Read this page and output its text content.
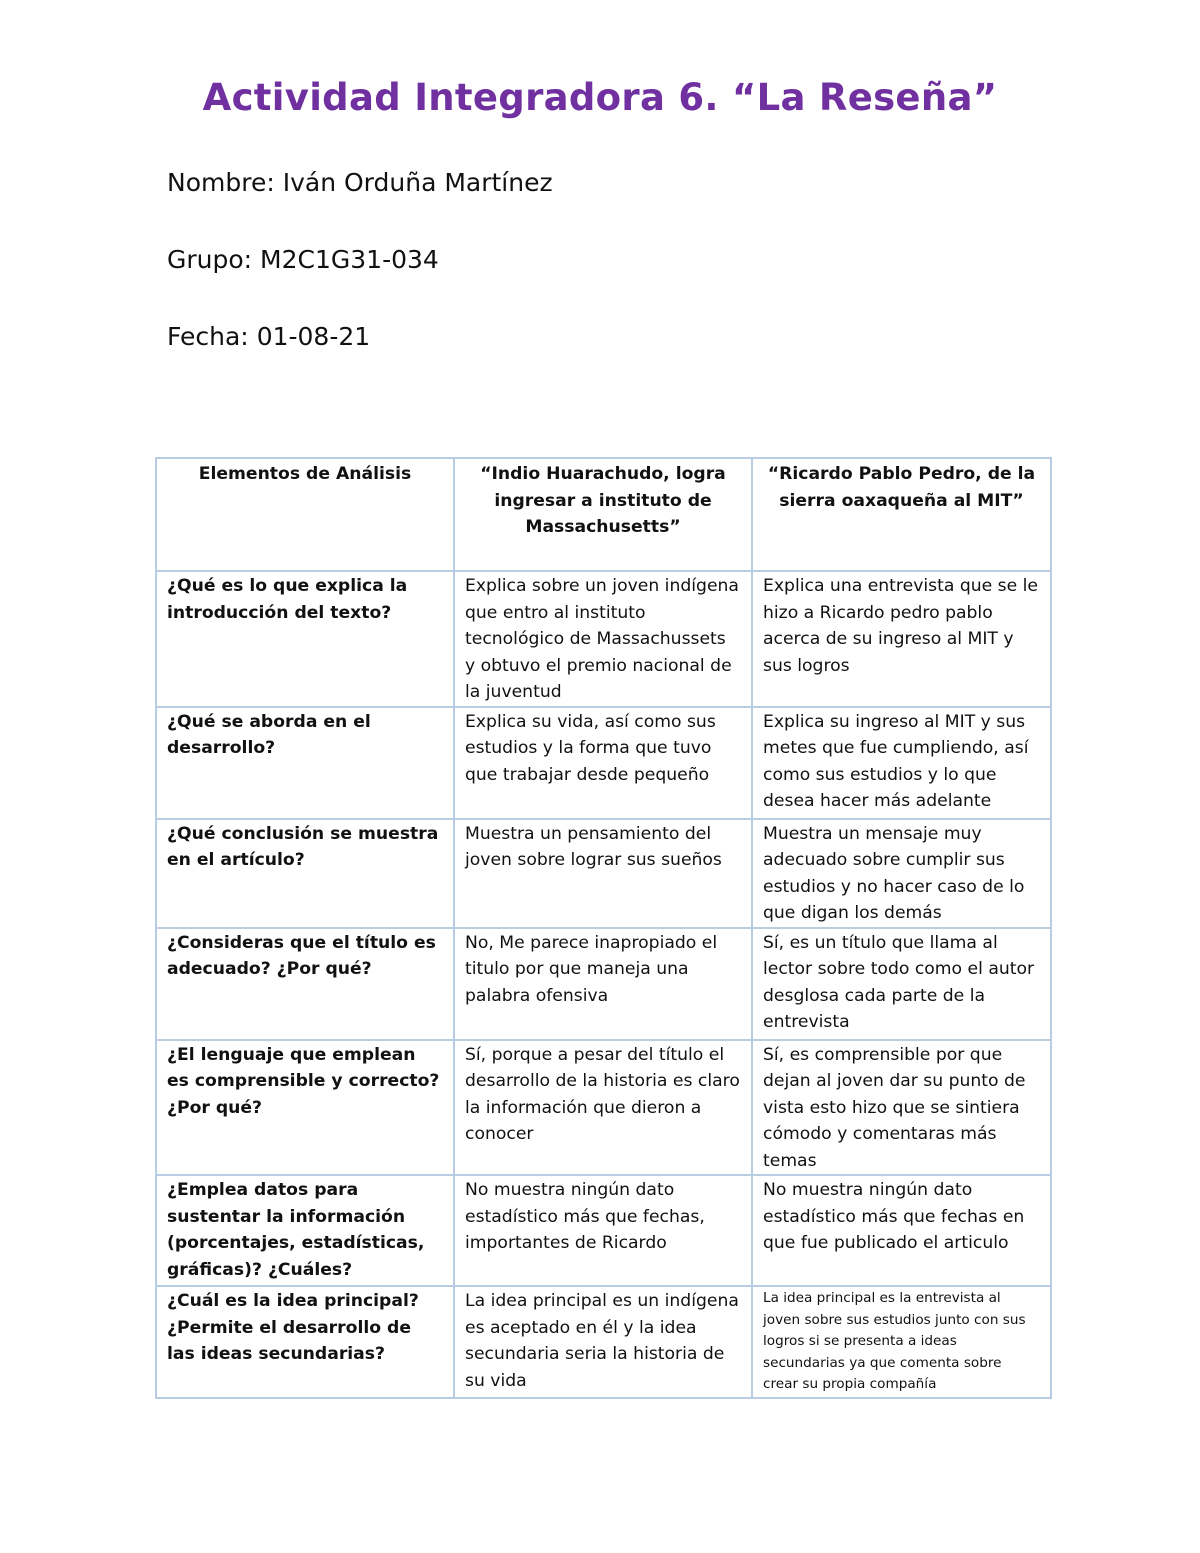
Actividad Integradora 6. “La Reseña”

Nombre: Iván Orduña Martínez

Grupo: M2C1G31-034

Fecha: 01-08-21

Elementos de Análisis	“Indio Huarachudo, logra ingresar a instituto de Massachusetts”	“Ricardo Pablo Pedro, de la sierra oaxaqueña al MIT”
¿Qué es lo que explica la introducción del texto?	Explica sobre un joven indígena que entro al instituto tecnológico de Massachussets y obtuvo el premio nacional de la juventud	Explica una entrevista que se le hizo a Ricardo pedro pablo acerca de su ingreso al MIT y sus logros
¿Qué se aborda en el desarrollo?	Explica su vida, así como sus estudios y la forma que tuvo que trabajar desde pequeño	Explica su ingreso al MIT y sus metes que fue cumpliendo, así como sus estudios y lo que desea hacer más adelante
¿Qué conclusión se muestra en el artículo?	Muestra un pensamiento del joven sobre lograr sus sueños	Muestra un mensaje muy adecuado sobre cumplir sus estudios y no hacer caso de lo que digan los demás
¿Consideras que el título es adecuado? ¿Por qué?	No, Me parece inapropiado el titulo por que maneja una palabra ofensiva	Sí, es un título que llama al lector sobre todo como el autor desglosa cada parte de la entrevista
¿El lenguaje que emplean es comprensible y correcto? ¿Por qué?	Sí, porque a pesar del título el desarrollo de la historia es claro la información que dieron a conocer	Sí, es comprensible por que dejan al joven dar su punto de vista esto hizo que se sintiera cómodo y comentaras más temas
¿Emplea datos para sustentar la información (porcentajes, estadísticas, gráficas)? ¿Cuáles?	No muestra ningún dato estadístico más que fechas, importantes de Ricardo	No muestra ningún dato estadístico más que fechas en que fue publicado el articulo
¿Cuál es la idea principal? ¿Permite el desarrollo de las ideas secundarias?	La idea principal es un indígena es aceptado en él y la idea secundaria seria la historia de su vida	La idea principal es la entrevista al joven sobre sus estudios junto con sus logros si se presenta a ideas secundarias ya que comenta sobre crear su propia compañía
